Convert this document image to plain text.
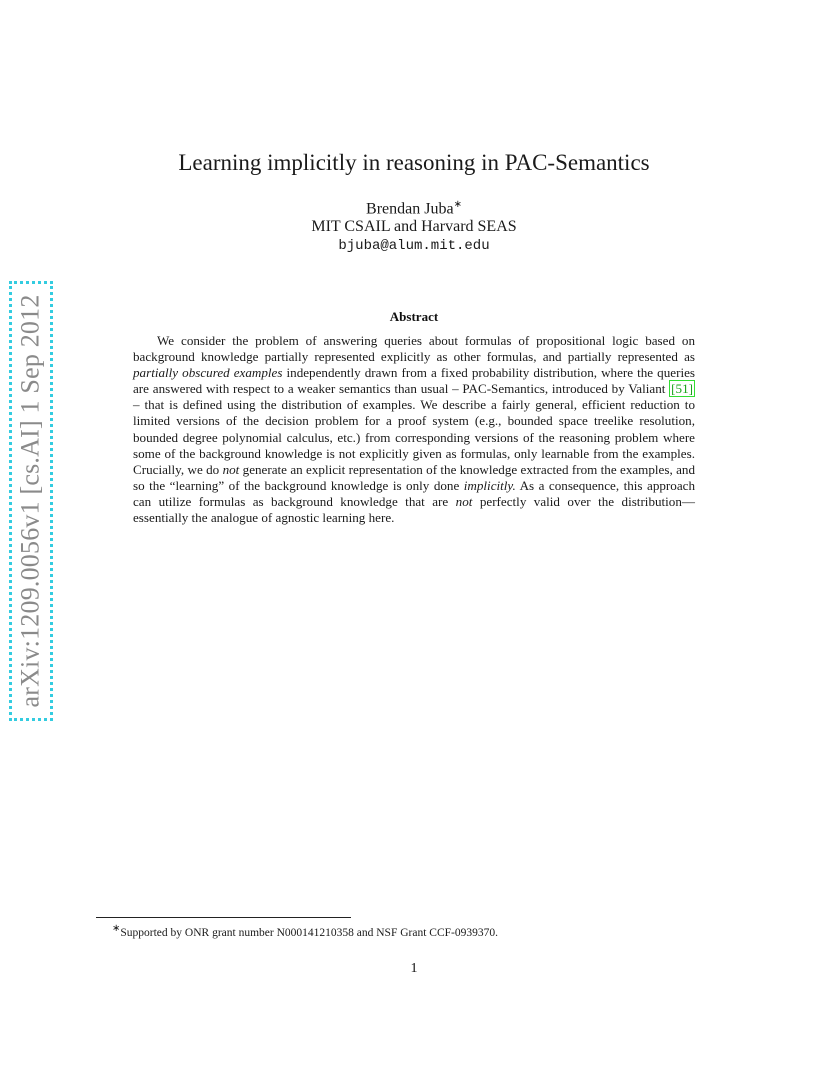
arXiv:1209.0056v1 [cs.AI] 1 Sep 2012
Learning implicitly in reasoning in PAC-Semantics
Brendan Juba∗
MIT CSAIL and Harvard SEAS
bjuba@alum.mit.edu
Abstract
We consider the problem of answering queries about formulas of propositional logic based on background knowledge partially represented explicitly as other formulas, and partially represented as partially obscured examples independently drawn from a fixed probability distribution, where the queries are answered with respect to a weaker semantics than usual – PAC-Semantics, introduced by Valiant [51] – that is defined using the distribution of examples. We describe a fairly general, efficient reduction to limited versions of the decision problem for a proof system (e.g., bounded space treelike resolution, bounded degree polynomial calculus, etc.) from corresponding versions of the reasoning problem where some of the background knowledge is not explicitly given as formulas, only learnable from the examples. Crucially, we do not generate an explicit representation of the knowledge extracted from the examples, and so the “learning” of the background knowledge is only done implicitly. As a consequence, this approach can utilize formulas as background knowledge that are not perfectly valid over the distribution—essentially the analogue of agnostic learning here.
∗Supported by ONR grant number N000141210358 and NSF Grant CCF-0939370.
1
